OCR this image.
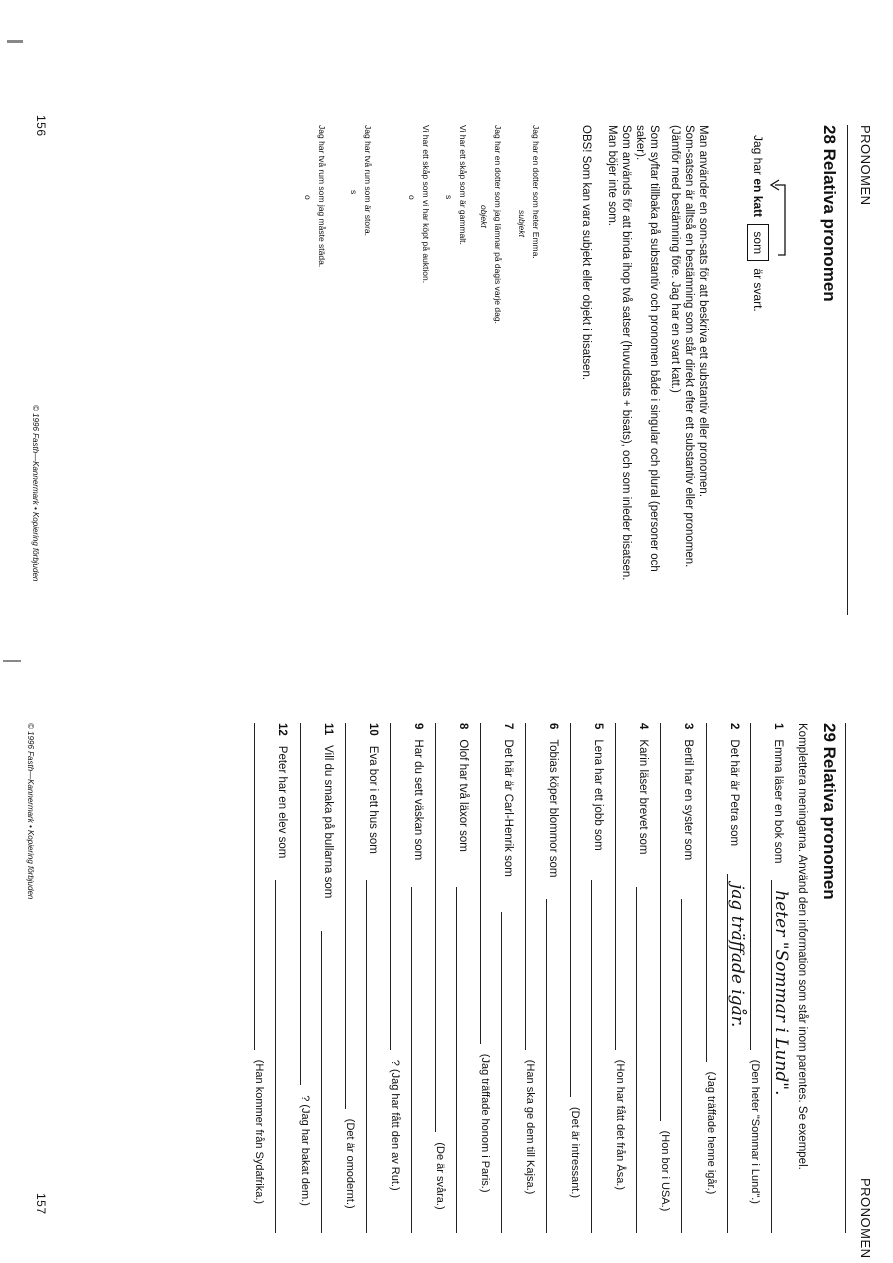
PRONOMEN
28 Relativa pronomen
Jag har en katt som är svart.
Man använder en som-sats för att beskriva ett substantiv eller pronomen.
Som-satsen är alltså en bestämning som står direkt efter ett substantiv eller pronomen.
(Jämför med bestämning före. Jag har en svart katt.)
Som syftar tillbaka på substantiv och pronomen både i singular och plural (personer och saker).
Som används för att binda ihop två satser (huvudsats + bisats), och som inleder bisatsen.
Man böjer inte som.
OBS! Som kan vara subjekt eller objekt i bisatsen.
Jag har en dotter som heter Emma.
subjekt
Jag har en dotter som jag lämnar på dagis varje dag.
objekt
Vi har ett skåp som är gammalt.
s
Vi har ett skåp som vi har köpt på auktion.
o
Jag har två rum som är stora.
s
Jag har två rum som jag måste städa.
o
156
© 1996 Fasth—Kannermark • Kopiering förbjuden
PRONOMEN
29 Relativa pronomen
Komplettera meningarna. Använd den information som står inom parentes. Se exempel.
1Emma läser en bok som
heter "Sommar i Lund".
(Den heter "Sommar i Lund".)
2Det här är Petra som
jag träffade igår.
(Jag träffade henne igår.)
3Bertil har en syster som
(Hon bor i USA.)
4Karin läser brevet som
(Hon har fått det från Åsa.)
5Lena har ett jobb som
(Det är intressant.)
6Tobias köper blommor som
(Han ska ge dem till Kajsa.)
7Det här är Carl-Henrik som
(Jag träffade honom i Paris.)
8Olof har två läxor som
(De är svåra.)
9Har du sett väskan som
? (Jag har fått den av Rut.)
10Eva bor i ett hus som
(Det är omodernt.)
11Vill du smaka på bullarna som
? (Jag har bakat dem.)
12Peter har en elev som
(Han kommer från Sydafrika.)
157
© 1996 Fasth—Kannermark • Kopiering förbjuden
